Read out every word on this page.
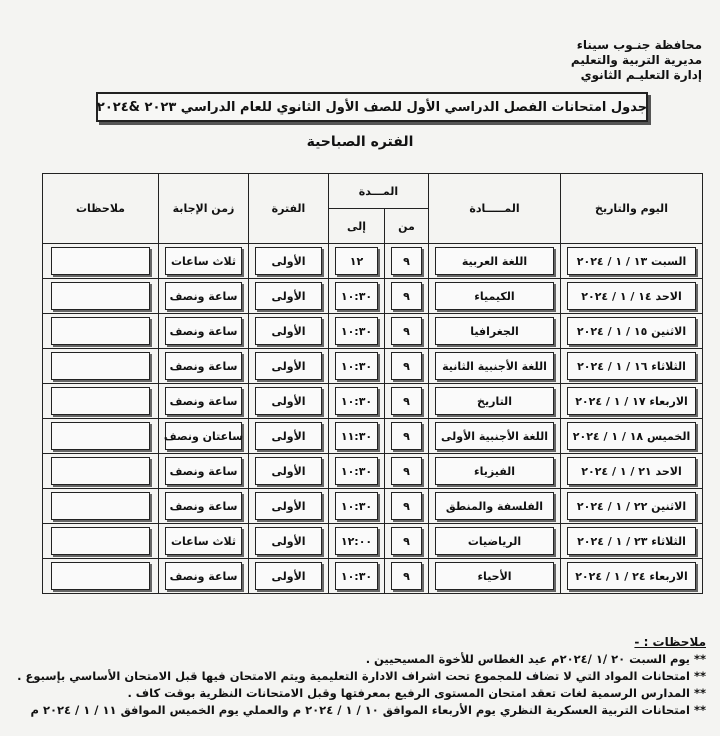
محافظة جنـوب سيناء
مديرية التربية والتعليم
إدارة التعليـم الثانوي
جدول امتحانات الفصل الدراسي الأول للصف الأول الثانوي للعام الدراسي ٢٠٢٣ &٢٠٢٤
الفتره الصباحية
اليوم والتاريخ	المـــــادة	المـــدة		الفترة	زمن الإجابة	ملاحظات
		من	إلى			

السبت ١٣ / ١ / ٢٠٢٤	اللغة العربية	٩	١٢	الأولى	ثلاث ساعات	

الاحد ١٤ / ١ / ٢٠٢٤	الكيمياء	٩	١٠:٣٠	الأولى	ساعة ونصف	

الاثنين ١٥ / ١ / ٢٠٢٤	الجغرافيا	٩	١٠:٣٠	الأولى	ساعة ونصف	

الثلاثاء ١٦ / ١ / ٢٠٢٤	اللغة الأجنبية الثانية	٩	١٠:٣٠	الأولى	ساعة ونصف	

الاربعاء ١٧ / ١ / ٢٠٢٤	التاريخ	٩	١٠:٣٠	الأولى	ساعة ونصف	

الخميس ١٨ / ١ / ٢٠٢٤	اللغة الأجنبية الأولى	٩	١١:٣٠	الأولى	ساعتان ونصف	

الاحد ٢١ / ١ / ٢٠٢٤	الفيزياء	٩	١٠:٣٠	الأولى	ساعة ونصف	

الاثنين ٢٢ / ١ / ٢٠٢٤	الفلسفة والمنطق	٩	١٠:٣٠	الأولى	ساعة ونصف	

الثلاثاء ٢٣ / ١ / ٢٠٢٤	الرياضيات	٩	١٢:٠٠	الأولى	ثلاث ساعات	

الاربعاء ٢٤ / ١ / ٢٠٢٤	الأحياء	٩	١٠:٣٠	الأولى	ساعة ونصف	

ملاحظات : -
** يوم السبت ٢٠ /١ /٢٠٢٤م عيد الغطاس للأخوة المسيحيين .
** امتحانات المواد التي لا تضاف للمجموع تحت اشراف الادارة التعليمية ويتم الامتحان فيها قبل الامتحان الأساسي بإسبوع .
** المدارس الرسمية لغات تعقد امتحان المستوى الرفيع بمعرفتها وقبل الامتحانات النظرية بوقت كاف .
** امتحانات التربية العسكرية النظري يوم الأربعاء الموافق ١٠ / ١ / ٢٠٢٤ م والعملي يوم الخميس الموافق ١١ / ١ / ٢٠٢٤ م
